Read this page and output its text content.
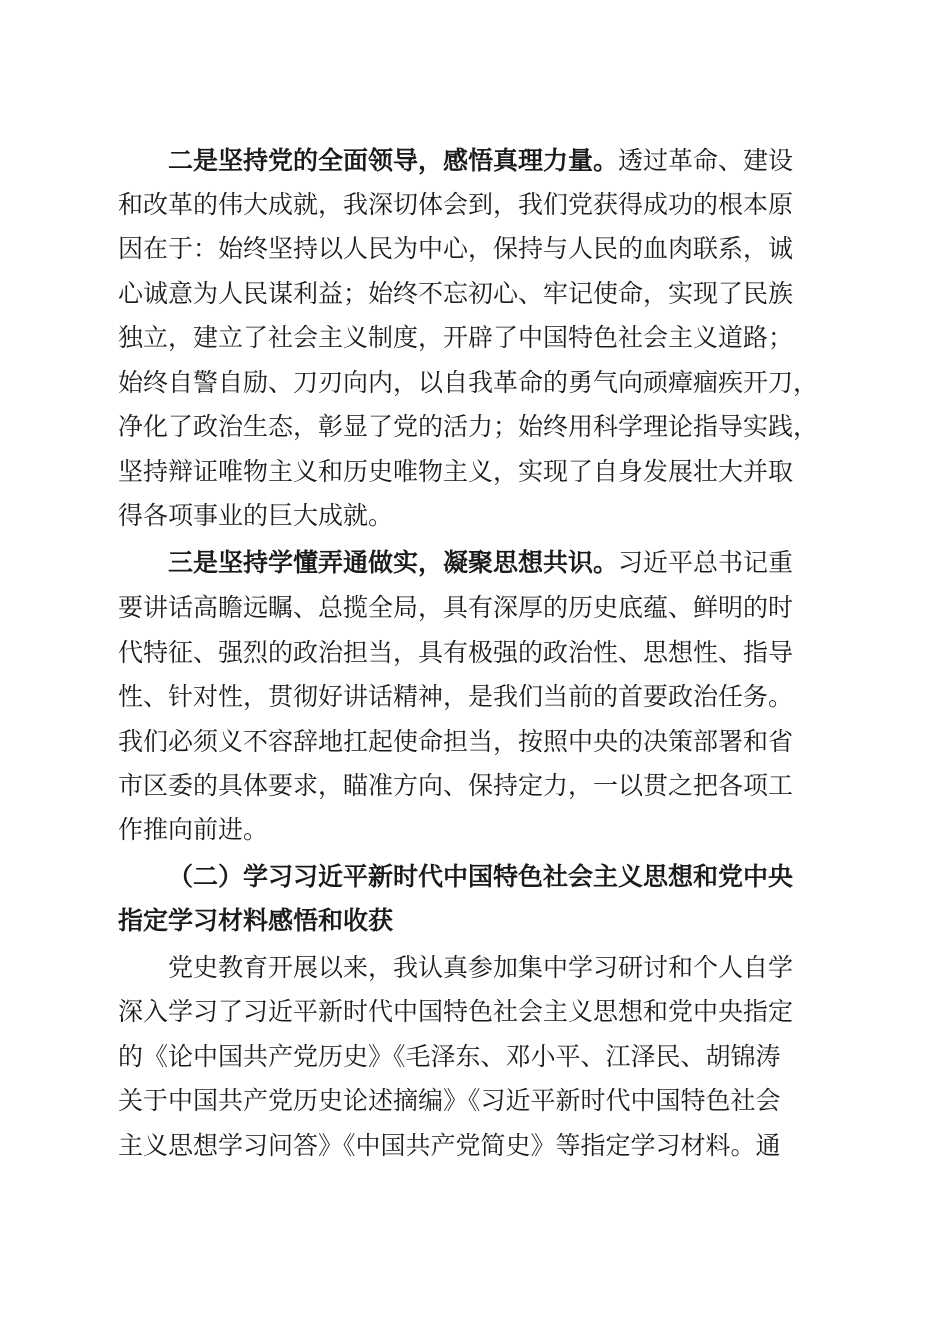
二是坚持党的全面领导，感悟真理力量。透过革命、建设

和改革的伟大成就，我深切体会到，我们党获得成功的根本原

因在于：始终坚持以人民为中心，保持与人民的血肉联系，诚

心诚意为人民谋利益；始终不忘初心、牢记使命，实现了民族

独立，建立了社会主义制度，开辟了中国特色社会主义道路；

始终自警自励、刀刃向内，以自我革命的勇气向顽瘴痼疾开刀，

净化了政治生态，彰显了党的活力；始终用科学理论指导实践，

坚持辩证唯物主义和历史唯物主义，实现了自身发展壮大并取

得各项事业的巨大成就。

三是坚持学懂弄通做实，凝聚思想共识。习近平总书记重

要讲话高瞻远瞩、总揽全局，具有深厚的历史底蕴、鲜明的时

代特征、强烈的政治担当，具有极强的政治性、思想性、指导

性、针对性，贯彻好讲话精神，是我们当前的首要政治任务。

我们必须义不容辞地扛起使命担当，按照中央的决策部署和省

市区委的具体要求，瞄准方向、保持定力，一以贯之把各项工

作推向前进。

（二）学习习近平新时代中国特色社会主义思想和党中央

指定学习材料感悟和收获

党史教育开展以来，我认真参加集中学习研讨和个人自学

深入学习了习近平新时代中国特色社会主义思想和党中央指定

的《论中国共产党历史》《毛泽东、邓小平、江泽民、胡锦涛

关于中国共产党历史论述摘编》《习近平新时代中国特色社会

主义思想学习问答》《中国共产党简史》等指定学习材料。通
